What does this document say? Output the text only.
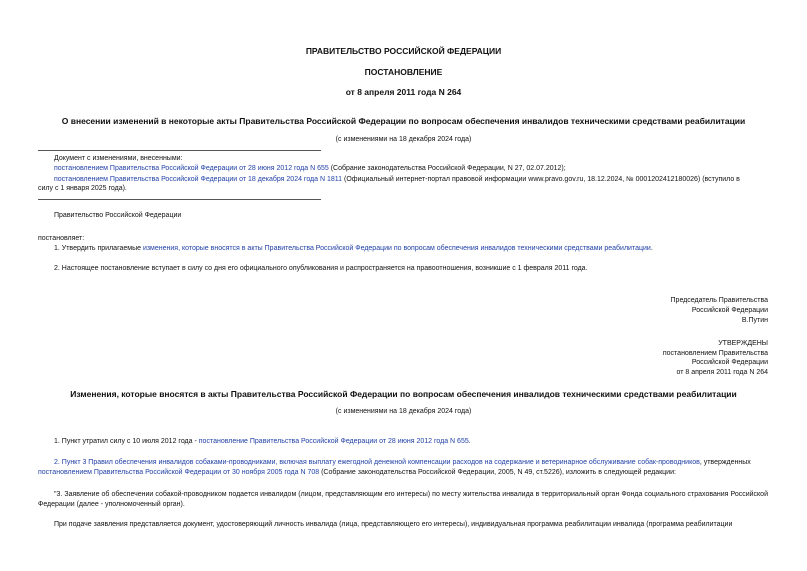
ПРАВИТЕЛЬСТВО РОССИЙСКОЙ ФЕДЕРАЦИИ
ПОСТАНОВЛЕНИЕ
от 8 апреля 2011 года N 264
О внесении изменений в некоторые акты Правительства Российской Федерации по вопросам обеспечения инвалидов техническими средствами реабилитации
(с изменениями на 18 декабря 2024 года)
Документ с изменениями, внесенными:
постановлением Правительства Российской Федерации от 28 июня 2012 года N 655 (Собрание законодательства Российской Федерации, N 27, 02.07.2012);
постановлением Правительства Российской Федерации от 18 декабря 2024 года N 1811 (Официальный интернет-портал правовой информации www.pravo.gov.ru, 18.12.2024, № 0001202412180026) (вступило в
силу с 1 января 2025 года).
Правительство Российской Федерации
постановляет:
1. Утвердить прилагаемые изменения, которые вносятся в акты Правительства Российской Федерации по вопросам обеспечения инвалидов техническими средствами реабилитации.
2. Настоящее постановление вступает в силу со дня его официального опубликования и распространяется на правоотношения, возникшие с 1 февраля 2011 года.
Председатель Правительства
Российской Федерации
В.Путин
УТВЕРЖДЕНЫ
постановлением Правительства
Российской Федерации
от 8 апреля 2011 года N 264
Изменения, которые вносятся в акты Правительства Российской Федерации по вопросам обеспечения инвалидов техническими средствами реабилитации
(с изменениями на 18 декабря 2024 года)
1. Пункт утратил силу с 10 июля 2012 года - постановление Правительства Российской Федерации от 28 июня 2012 года N 655.
2. Пункт 3 Правил обеспечения инвалидов собаками-проводниками, включая выплату ежегодной денежной компенсации расходов на содержание и ветеринарное обслуживание собак-проводников, утвержденных
постановлением Правительства Российской Федерации от 30 ноября 2005 года N 708 (Собрание законодательства Российской Федерации, 2005, N 49, ст.5226), изложить в следующей редакции:
"3. Заявление об обеспечении собакой-проводником подается инвалидом (лицом, представляющим его интересы) по месту жительства инвалида в территориальный орган Фонда социального страхования Российской Федерации (далее - уполномоченный орган).
При подаче заявления представляется документ, удостоверяющий личность инвалида (лица, представляющего его интересы), индивидуальная программа реабилитации инвалида (программа реабилитации
